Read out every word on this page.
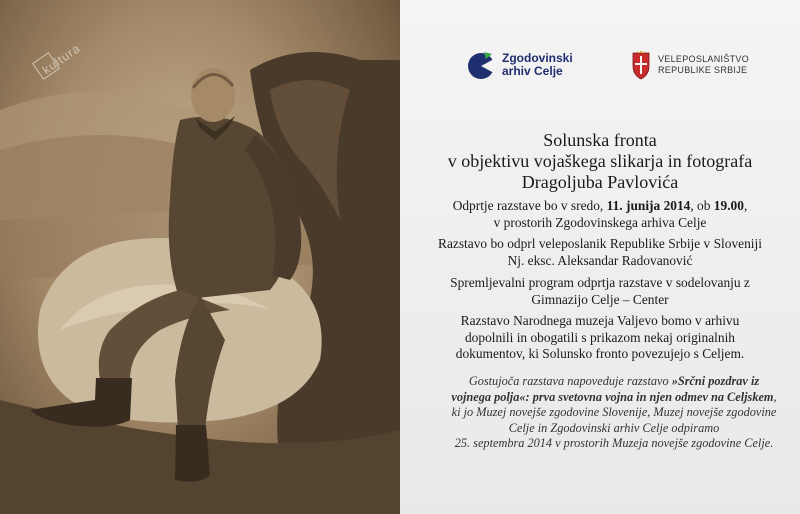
kultura	Zgodovinski
arhiv Celje
VELEPOSLANIŠTVO
REPUBLIKE SRBIJE
Solunska fronta
v objektivu vojaškega slikarja in fotografa
Dragoljuba Pavlovića
Odprtje razstave bo v sredo, 11. junija 2014, ob 19.00,
v prostorih Zgodovinskega arhiva Celje
Razstavo bo odprl veleposlanik Republike Srbije v Sloveniji
Nj. eksc. Aleksandar Radovanović
Spremljevalni program odprtja razstave v sodelovanju z
Gimnazijo Celje – Center
Razstavo Narodnega muzeja Valjevo bomo v arhivu
dopolnili in obogatili s prikazom nekaj originalnih
dokumentov, ki Solunsko fronto povezujejo s Celjem.
Gostujoča razstava napoveduje razstavo »Srčni pozdrav iz
vojnega polja«: prva svetovna vojna in njen odmev na Celjskem,
ki jo Muzej novejše zgodovine Slovenije, Muzej novejše zgodovine
Celje in Zgodovinski arhiv Celje odpiramo
25. septembra 2014 v prostorih Muzeja novejše zgodovine Celje.
